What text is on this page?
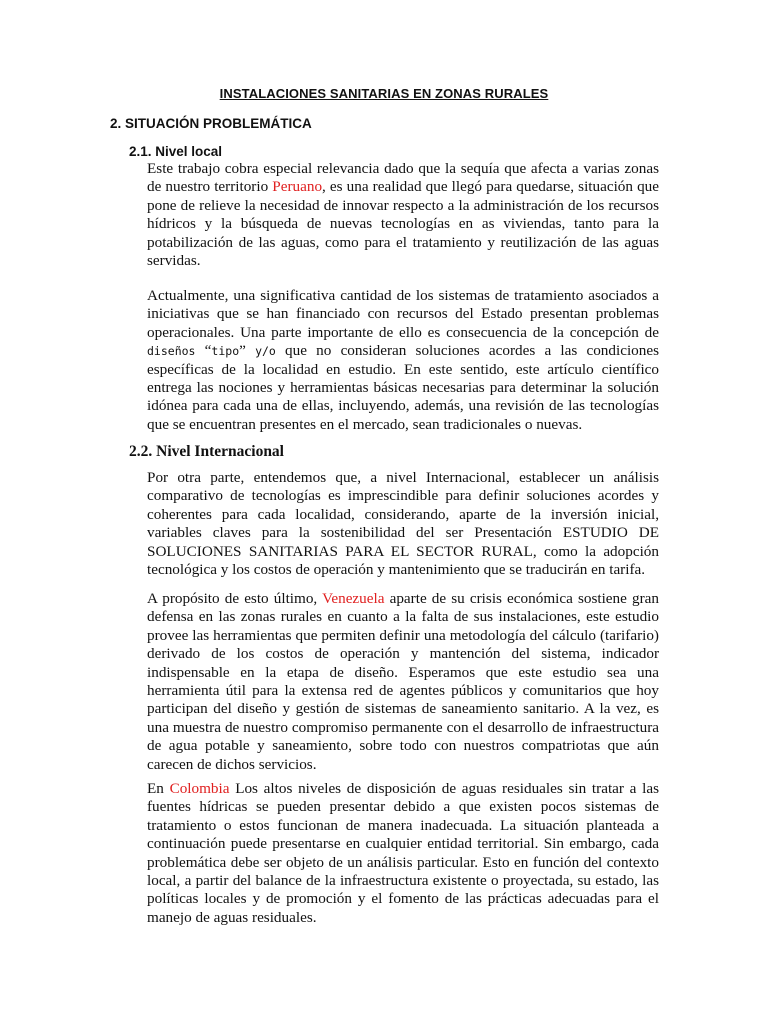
INSTALACIONES SANITARIAS EN ZONAS RURALES
2. SITUACIÓN PROBLEMÁTICA
2.1. Nivel local

Este trabajo cobra especial relevancia dado que la sequía que afecta a varias zonas de nuestro territorio Peruano, es una realidad que llegó para quedarse, situación que pone de relieve la necesidad de innovar respecto a la administración de los recursos hídricos y la búsqueda de nuevas tecnologías en as viviendas, tanto para la potabilización de las aguas, como para el tratamiento y reutilización de las aguas servidas.

Actualmente, una significativa cantidad de los sistemas de tratamiento asociados a iniciativas que se han financiado con recursos del Estado presentan problemas operacionales. Una parte importante de ello es consecuencia de la concepción de diseños “tipo” y/o que no consideran soluciones acordes a las condiciones específicas de la localidad en estudio. En este sentido, este artículo científico entrega las nociones y herramientas básicas necesarias para determinar la solución idónea para cada una de ellas, incluyendo, además, una revisión de las tecnologías que se encuentran presentes en el mercado, sean tradicionales o nuevas.

2.2. Nivel Internacional

Por otra parte, entendemos que, a nivel Internacional, establecer un análisis comparativo de tecnologías es imprescindible para definir soluciones acordes y coherentes para cada localidad, considerando, aparte de la inversión inicial, variables claves para la sostenibilidad del ser Presentación ESTUDIO DE SOLUCIONES SANITARIAS PARA EL SECTOR RURAL, como la adopción tecnológica y los costos de operación y mantenimiento que se traducirán en tarifa.

A propósito de esto último, Venezuela aparte de su crisis económica sostiene gran defensa en las zonas rurales en cuanto a la falta de sus instalaciones, este estudio provee las herramientas que permiten definir una metodología del cálculo (tarifario) derivado de los costos de operación y mantención del sistema, indicador indispensable en la etapa de diseño. Esperamos que este estudio sea una herramienta útil para la extensa red de agentes públicos y comunitarios que hoy participan del diseño y gestión de sistemas de saneamiento sanitario. A la vez, es una muestra de nuestro compromiso permanente con el desarrollo de infraestructura de agua potable y saneamiento, sobre todo con nuestros compatriotas que aún carecen de dichos servicios.

En Colombia Los altos niveles de disposición de aguas residuales sin tratar a las fuentes hídricas se pueden presentar debido a que existen pocos sistemas de tratamiento o estos funcionan de manera inadecuada. La situación planteada a continuación puede presentarse en cualquier entidad territorial. Sin embargo, cada problemática debe ser objeto de un análisis particular. Esto en función del contexto local, a partir del balance de la infraestructura existente o proyectada, su estado, las políticas locales y de promoción y el fomento de las prácticas adecuadas para el manejo de aguas residuales.
